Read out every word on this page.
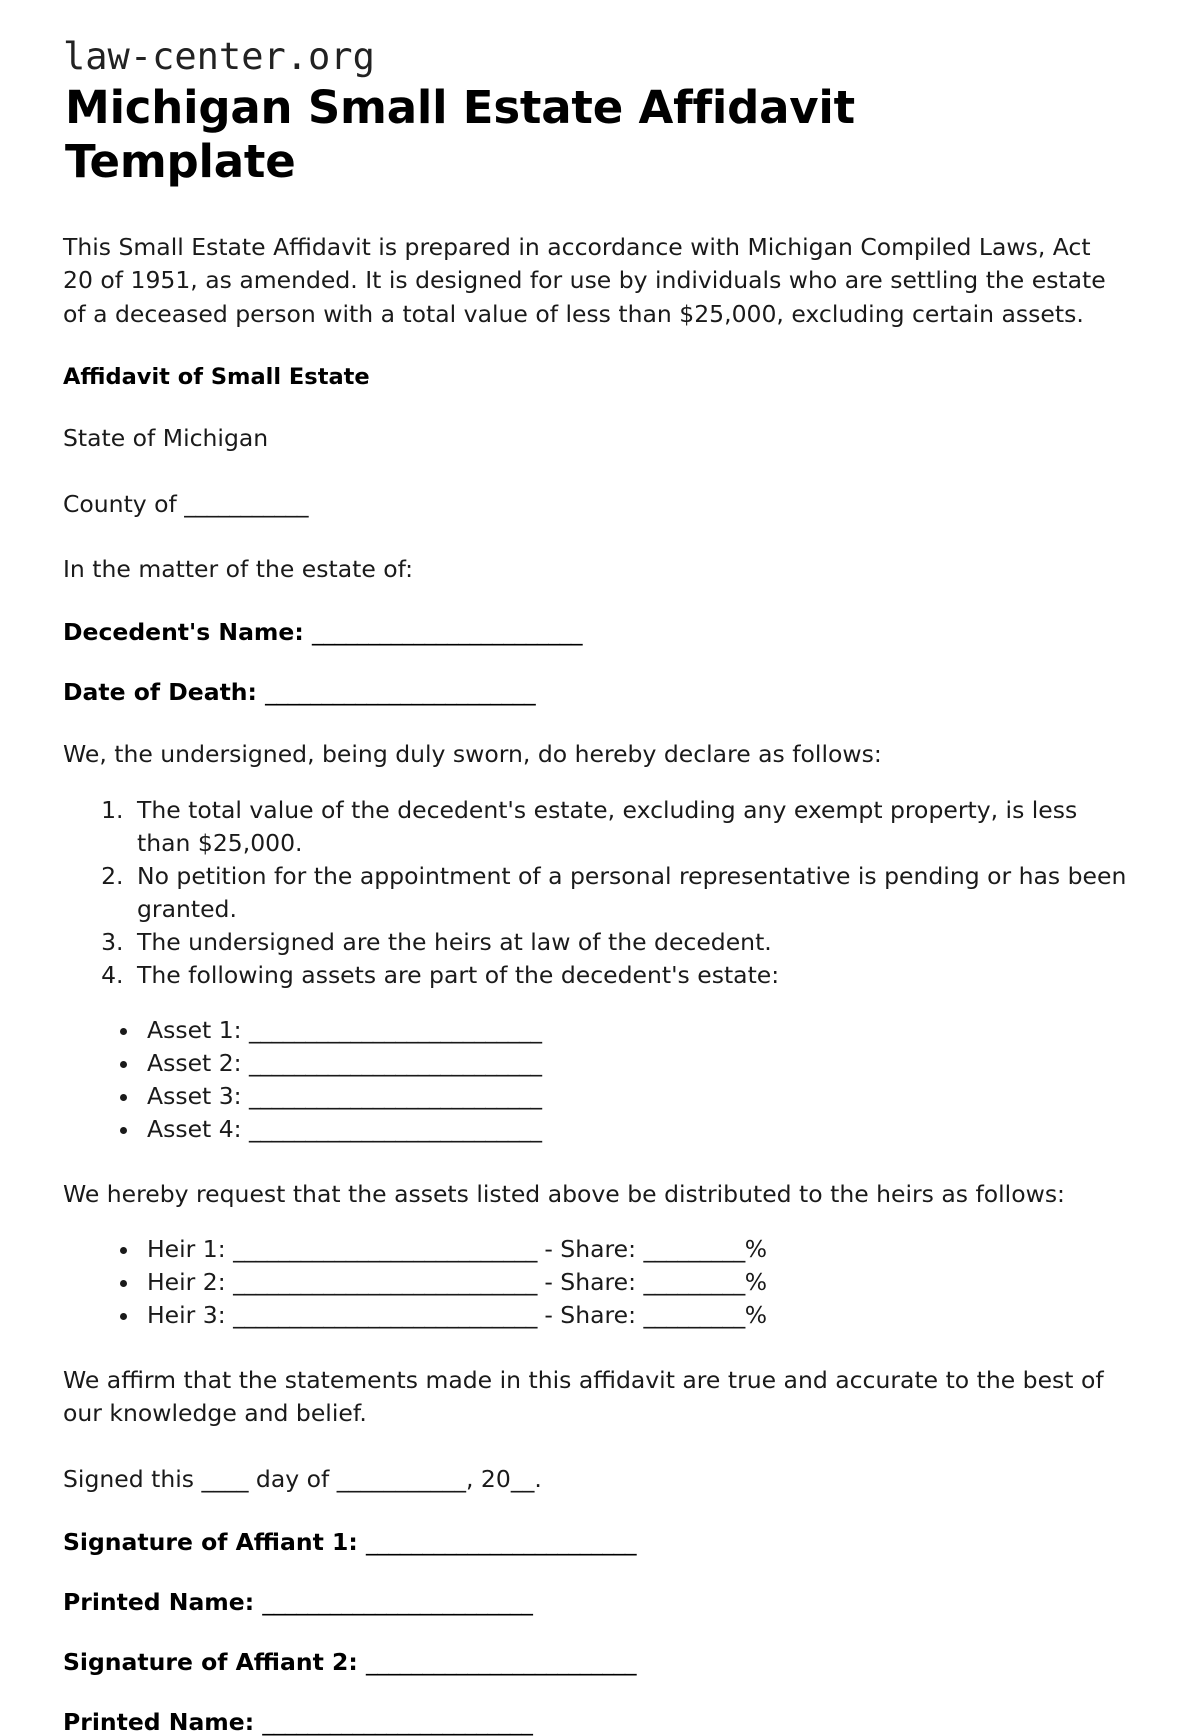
law-center.org
Michigan Small Estate Affidavit Template

This Small Estate Affidavit is prepared in accordance with Michigan Compiled Laws, Act 20 of 1951, as amended. It is designed for use by individuals who are settling the estate of a deceased person with a total value of less than $25,000, excluding certain assets.

Affidavit of Small Estate

State of Michigan

County of ___________

In the matter of the estate of:

Decedent's Name: ________________________

Date of Death: ________________________

We, the undersigned, being duly sworn, do hereby declare as follows:

1. The total value of the decedent's estate, excluding any exempt property, is less than $25,000.
2. No petition for the appointment of a personal representative is pending or has been granted.
3. The undersigned are the heirs at law of the decedent.
4. The following assets are part of the decedent's estate:
• Asset 1: __________________________
• Asset 2: __________________________
• Asset 3: __________________________
• Asset 4: __________________________

We hereby request that the assets listed above be distributed to the heirs as follows:

• Heir 1: ___________________________ - Share: _________%
• Heir 2: ___________________________ - Share: _________%
• Heir 3: ___________________________ - Share: _________%

We affirm that the statements made in this affidavit are true and accurate to the best of our knowledge and belief.

Signed this ____ day of ___________, 20__.

Signature of Affiant 1: ________________________

Printed Name: ________________________

Signature of Affiant 2: ________________________

Printed Name: ________________________
